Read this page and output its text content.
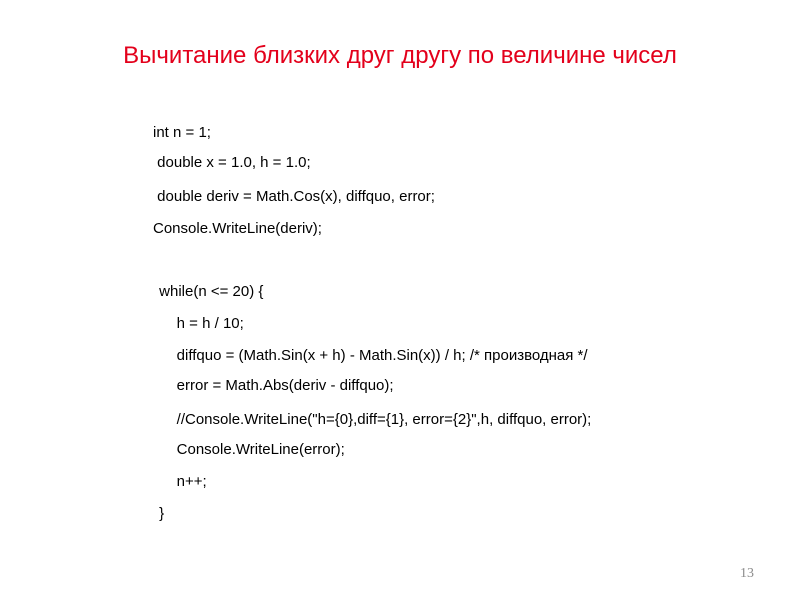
Вычитание близких друг другу по величине чисел
int n = 1;
double x = 1.0, h = 1.0;
double deriv = Math.Cos(x), diffquo, error;
Console.WriteLine(deriv);
while(n <= 20) {
h = h / 10;
diffquo = (Math.Sin(x + h) - Math.Sin(x)) / h; /* производная */
error = Math.Abs(deriv - diffquo);
//Console.WriteLine("h={0},diff={1}, error={2}",h, diffquo, error);
Console.WriteLine(error);
n++;
}
13
